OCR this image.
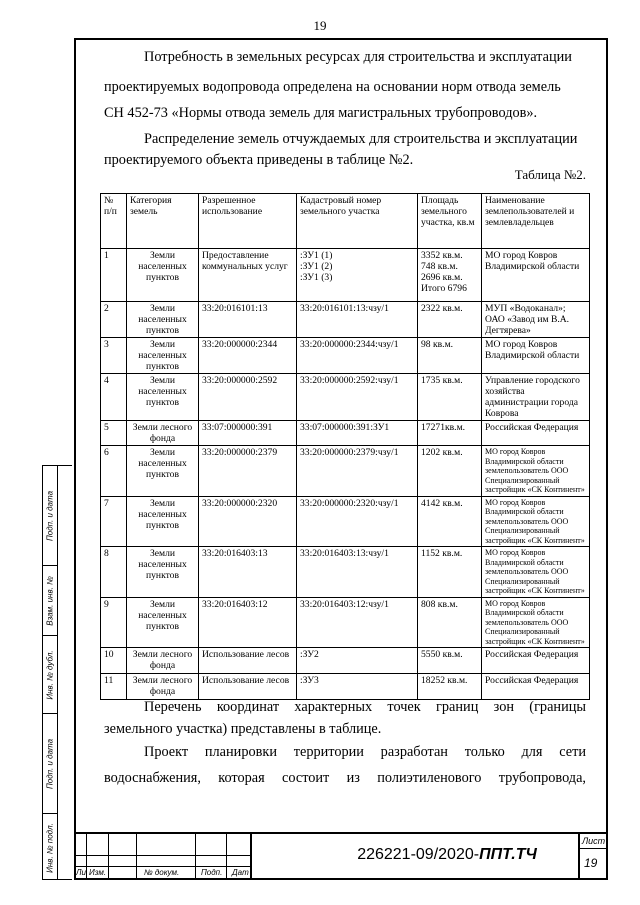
19
Потребность в земельных ресурсах для строительства и эксплуатации
проектируемых водопровода определена на основании норм отвода земель
СН 452-73 «Нормы отвода земель для магистральных трубопроводов».
Распределение земель отчуждаемых для строительства и эксплуатации
проектируемого объекта приведены в таблице №2.
Таблица №2.
№ п/п	Категория земель	Разрешенное использование	Кадастровый номер земельного участка	Площадь земельного участка, кв.м	Наименование землепользователей и землевладельцев
1	Земли населенных пунктов	Предоставление коммунальных услуг	:ЗУ1 (1)
:ЗУ1 (2)
:ЗУ1 (3)	3352 кв.м.
748 кв.м.
2696 кв.м.
Итого 6796	МО город Ковров Владимирской области
2	Земли населенных пунктов	33:20:016101:13	33:20:016101:13:чзу/1	2322 кв.м.	МУП «Водоканал»; ОАО «Завод им В.А. Дегтярева»
3	Земли населенных пунктов	33:20:000000:2344	33:20:000000:2344:чзу/1	98 кв.м.	МО город Ковров Владимирской области
4	Земли населенных пунктов	33:20:000000:2592	33:20:000000:2592:чзу/1	1735 кв.м.	Управление городского хозяйства администрации города Коврова
5	Земли лесного фонда	33:07:000000:391	33:07:000000:391:ЗУ1	17271кв.м.	Российская Федерация
6	Земли населенных пунктов	33:20:000000:2379	33:20:000000:2379:чзу/1	1202 кв.м.	МО город Ковров Владимирской области землепользователь ООО Специализированный застройщик «СК Континент»
7	Земли населенных пунктов	33:20:000000:2320	33:20:000000:2320:чзу/1	4142 кв.м.	МО город Ковров Владимирской области землепользователь ООО Специализированный застройщик «СК Континент»
8	Земли населенных пунктов	33:20:016403:13	33:20:016403:13:чзу/1	1152 кв.м.	МО город Ковров Владимирской области землепользователь ООО Специализированный застройщик «СК Континент»
9	Земли населенных пунктов	33:20:016403:12	33:20:016403:12:чзу/1	808 кв.м.	МО город Ковров Владимирской области землепользователь ООО Специализированный застройщик «СК Континент»
10	Земли лесного фонда	Использование лесов	:ЗУ2	5550 кв.м.	Российская Федерация
11	Земли лесного фонда	Использование лесов	:ЗУ3	18252 кв.м.	Российская Федерация
Перечень координат характерных точек границ зон (границы
земельного участка) представлены в таблице.
Проект планировки территории разработан только для сети
водоснабжения, которая состоит из полиэтиленового трубопровода,
Подп. и дата
Взам. инв. №
Инв. № дубл.
Подп. и дата
Инв. № подл.
Ли Изм.	№ докум.	Подп. Дат
226221-09/2020-ППТ.ТЧ
Лист
19
